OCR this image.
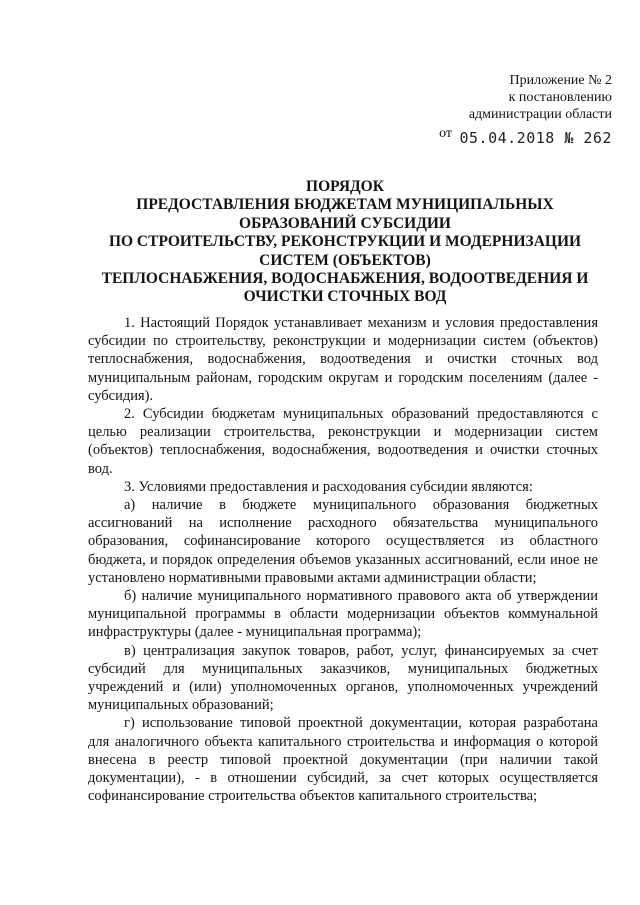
Приложение № 2
к постановлению
администрации области
от 05.04.2018 № 262
ПОРЯДОК
ПРЕДОСТАВЛЕНИЯ БЮДЖЕТАМ МУНИЦИПАЛЬНЫХ
ОБРАЗОВАНИЙ СУБСИДИИ
ПО СТРОИТЕЛЬСТВУ, РЕКОНСТРУКЦИИ И МОДЕРНИЗАЦИИ
СИСТЕМ (ОБЪЕКТОВ)
ТЕПЛОСНАБЖЕНИЯ, ВОДОСНАБЖЕНИЯ, ВОДООТВЕДЕНИЯ И
ОЧИСТКИ СТОЧНЫХ ВОД

1. Настоящий Порядок устанавливает механизм и условия предоставления субсидии по строительству, реконструкции и модернизации систем (объектов) теплоснабжения, водоснабжения, водоотведения и очистки сточных вод муниципальным районам, городским округам и городским поселениям (далее - субсидия).

2. Субсидии бюджетам муниципальных образований предоставляются с целью реализации строительства, реконструкции и модернизации систем (объектов) теплоснабжения, водоснабжения, водоотведения и очистки сточных вод.

3. Условиями предоставления и расходования субсидии являются:

а) наличие в бюджете муниципального образования бюджетных ассигнований на исполнение расходного обязательства муниципального образования, софинансирование которого осуществляется из областного бюджета, и порядок определения объемов указанных ассигнований, если иное не установлено нормативными правовыми актами администрации области;

б) наличие муниципального нормативного правового акта об утверждении муниципальной программы в области модернизации объектов коммунальной инфраструктуры (далее - муниципальная программа);

в) централизация закупок товаров, работ, услуг, финансируемых за счет субсидий для муниципальных заказчиков, муниципальных бюджетных учреждений и (или) уполномоченных органов, уполномоченных учреждений муниципальных образований;

г) использование типовой проектной документации, которая разработана для аналогичного объекта капитального строительства и информация о которой внесена в реестр типовой проектной документации (при наличии такой документации), - в отношении субсидий, за счет которых осуществляется софинансирование строительства объектов капитального строительства;
